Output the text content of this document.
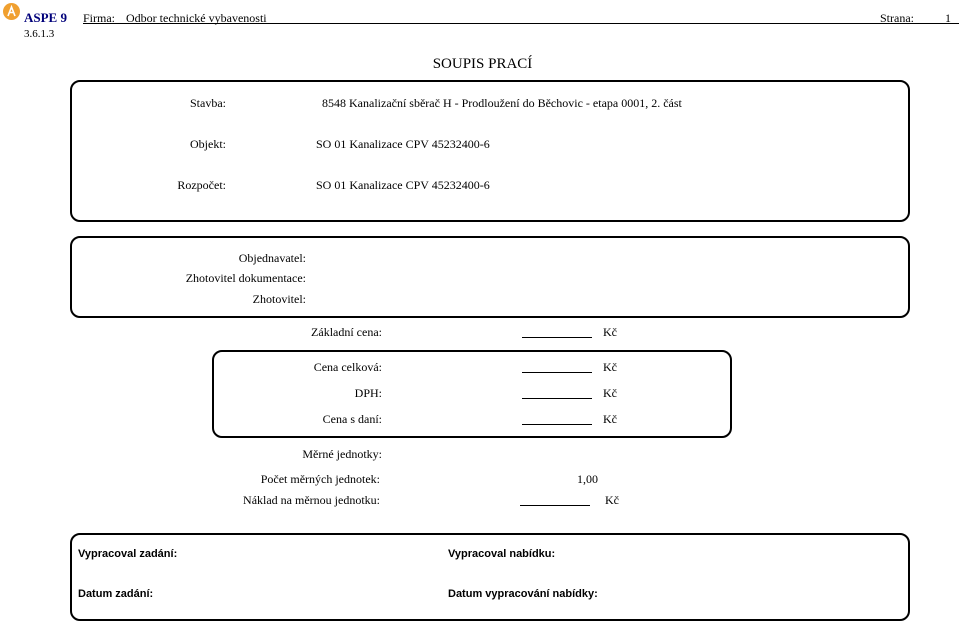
ASPE 9
3.6.1.3
Firma: Odbor technické vybavenosti	Strana:	1
SOUPIS PRACÍ
Stavba:	8548 Kanalizační sběrač H - Prodloužení do Běchovic - etapa 0001, 2. část
Objekt:	SO 01 Kanalizace CPV 45232400-6
Rozpočet:	SO 01 Kanalizace CPV 45232400-6
Objednavatel:
Zhotovitel dokumentace:
Zhotovitel:
Základní cena:	Kč
Cena celková:	Kč
DPH:	Kč
Cena s daní:	Kč
Měrné jednotky:
Počet měrných jednotek:	1,00
Náklad na měrnou jednotku:	Kč
Vypracoval zadání:	Vypracoval nabídku:
Datum zadání:	Datum vypracování nabídky:
